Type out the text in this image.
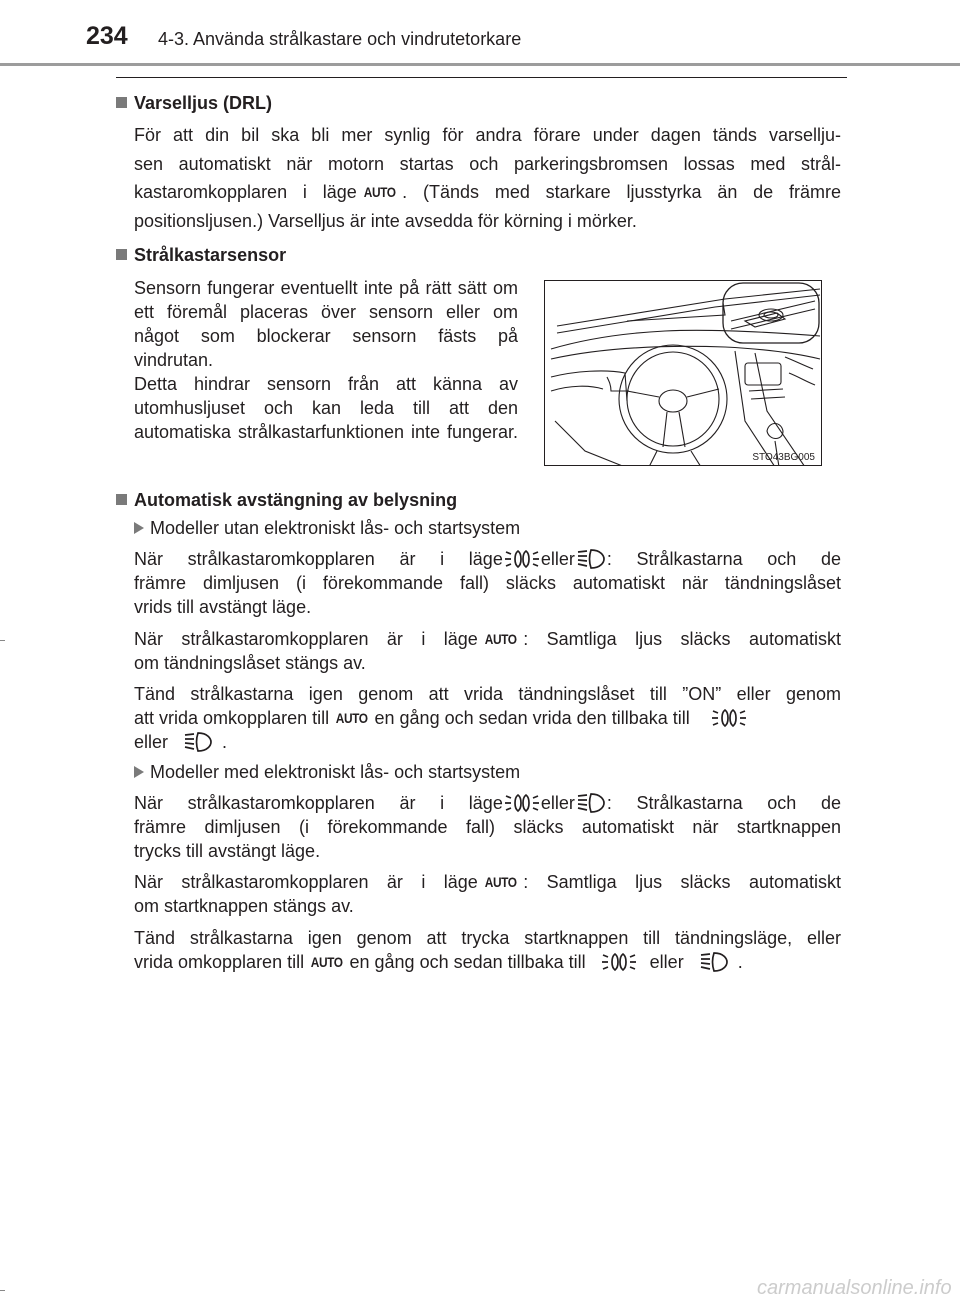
234 4-3. Använda strålkastare och vindrutetorkare
Varselljus (DRL)
För att din bil ska bli mer synlig för andra förare under dagen tänds varsellju-
sen automatiskt när motorn startas och parkeringsbromsen lossas med strål-
kastaromkopplaren i läge AUTO . (Tänds med starkare ljusstyrka än de främre
positionsljusen.) Varselljus är inte avsedda för körning i mörker.
Strålkastarsensor

Sensorn fungerar eventuellt inte på rätt sätt om ett föremål placeras över sensorn eller om något som blockerar sensorn fästs på vindrutan.

Detta hindrar sensorn från att känna av utomhusljuset och kan leda till att den automatiska strålkastarfunktionen inte fungerar.

STO43BG005
Automatisk avstängning av belysning
Modeller utan elektroniskt lås- och startsystem
När strålkastaromkopplaren är i läge eller : Strålkastarna och de
främre dimljusen (i förekommande fall) släcks automatiskt när tändningslåset
vrids till avstängt läge.
När strålkastaromkopplaren är i läge AUTO : Samtliga ljus släcks automatiskt
om tändningslåset stängs av.
Tänd strålkastarna igen genom att vrida tändningslåset till ”ON” eller genom
att vrida omkopplaren till AUTO en gång och sedan vrida den tillbaka till
eller	.
Modeller med elektroniskt lås- och startsystem
När strålkastaromkopplaren är i läge eller : Strålkastarna och de
främre dimljusen (i förekommande fall) släcks automatiskt när startknappen
trycks till avstängt läge.
När strålkastaromkopplaren är i läge AUTO : Samtliga ljus släcks automatiskt
om startknappen stängs av.
Tänd strålkastarna igen genom att trycka startknappen till tändningsläge, eller
vrida omkopplaren till AUTO en gång och sedan tillbaka till	eller	.
carmanualsonline.info
